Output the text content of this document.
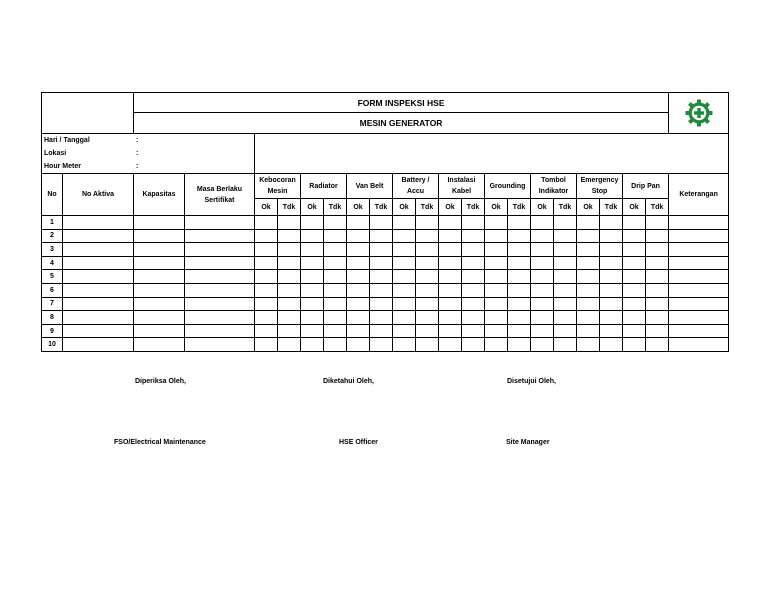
		FORM INSPEKSI HSE	

		MESIN GENERATOR																				
Hari / Tanggal :																						
Lokasi :																						
Hour Meter :																						
No	No Aktiva	Kapasitas	Masa Berlaku Sertifikat	Kebocoran Mesin		Radiator		Van Belt		Battery / Accu		Instalasi Kabel		Grounding		Tombol Indikator		Emergency Stop		Drip Pan		Keterangan
				Ok	Tdk	Ok	Tdk	Ok	Tdk	Ok	Tdk	Ok	Tdk	Ok	Tdk	Ok	Tdk	Ok	Tdk	Ok	Tdk	
1																						
2																						
3																						
4																						
5																						
6																						
7																						
8																						
9																						
10																						
Diperiksa Oleh,	Diketahui Oleh,	Disetujui Oleh,
FSO/Electrical Maintenance	HSE Officer	Site Manager
